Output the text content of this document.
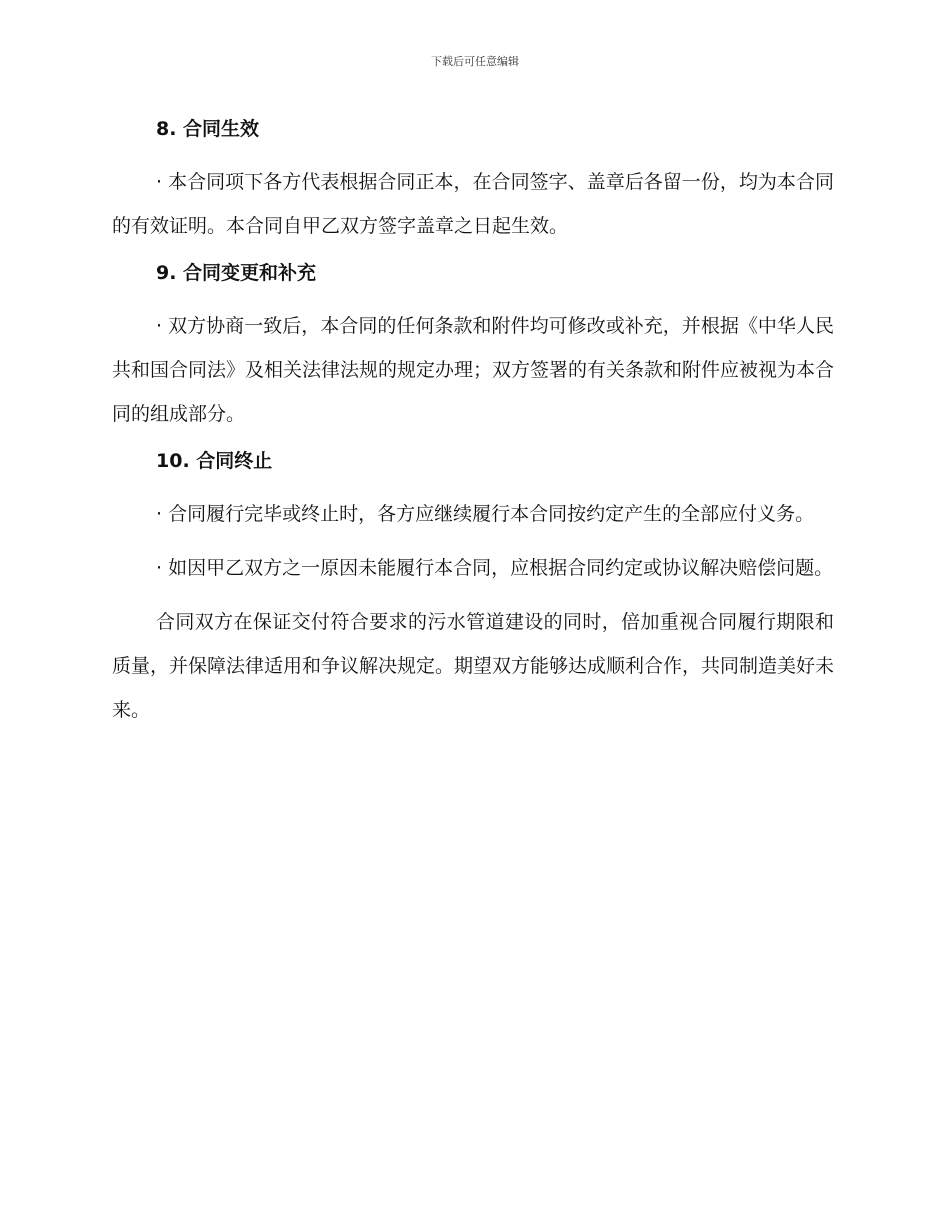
下载后可任意编辑
8. 合同生效

· 本合同项下各方代表根据合同正本，在合同签字、盖章后各留一份，均为本合同的有效证明。本合同自甲乙双方签字盖章之日起生效。

9. 合同变更和补充

· 双方协商一致后，本合同的任何条款和附件均可修改或补充，并根据《中华人民共和国合同法》及相关法律法规的规定办理；双方签署的有关条款和附件应被视为本合同的组成部分。

10. 合同终止

· 合同履行完毕或终止时，各方应继续履行本合同按约定产生的全部应付义务。

· 如因甲乙双方之一原因未能履行本合同，应根据合同约定或协议解决赔偿问题。

合同双方在保证交付符合要求的污水管道建设的同时，倍加重视合同履行期限和质量，并保障法律适用和争议解决规定。期望双方能够达成顺利合作，共同制造美好未来。
